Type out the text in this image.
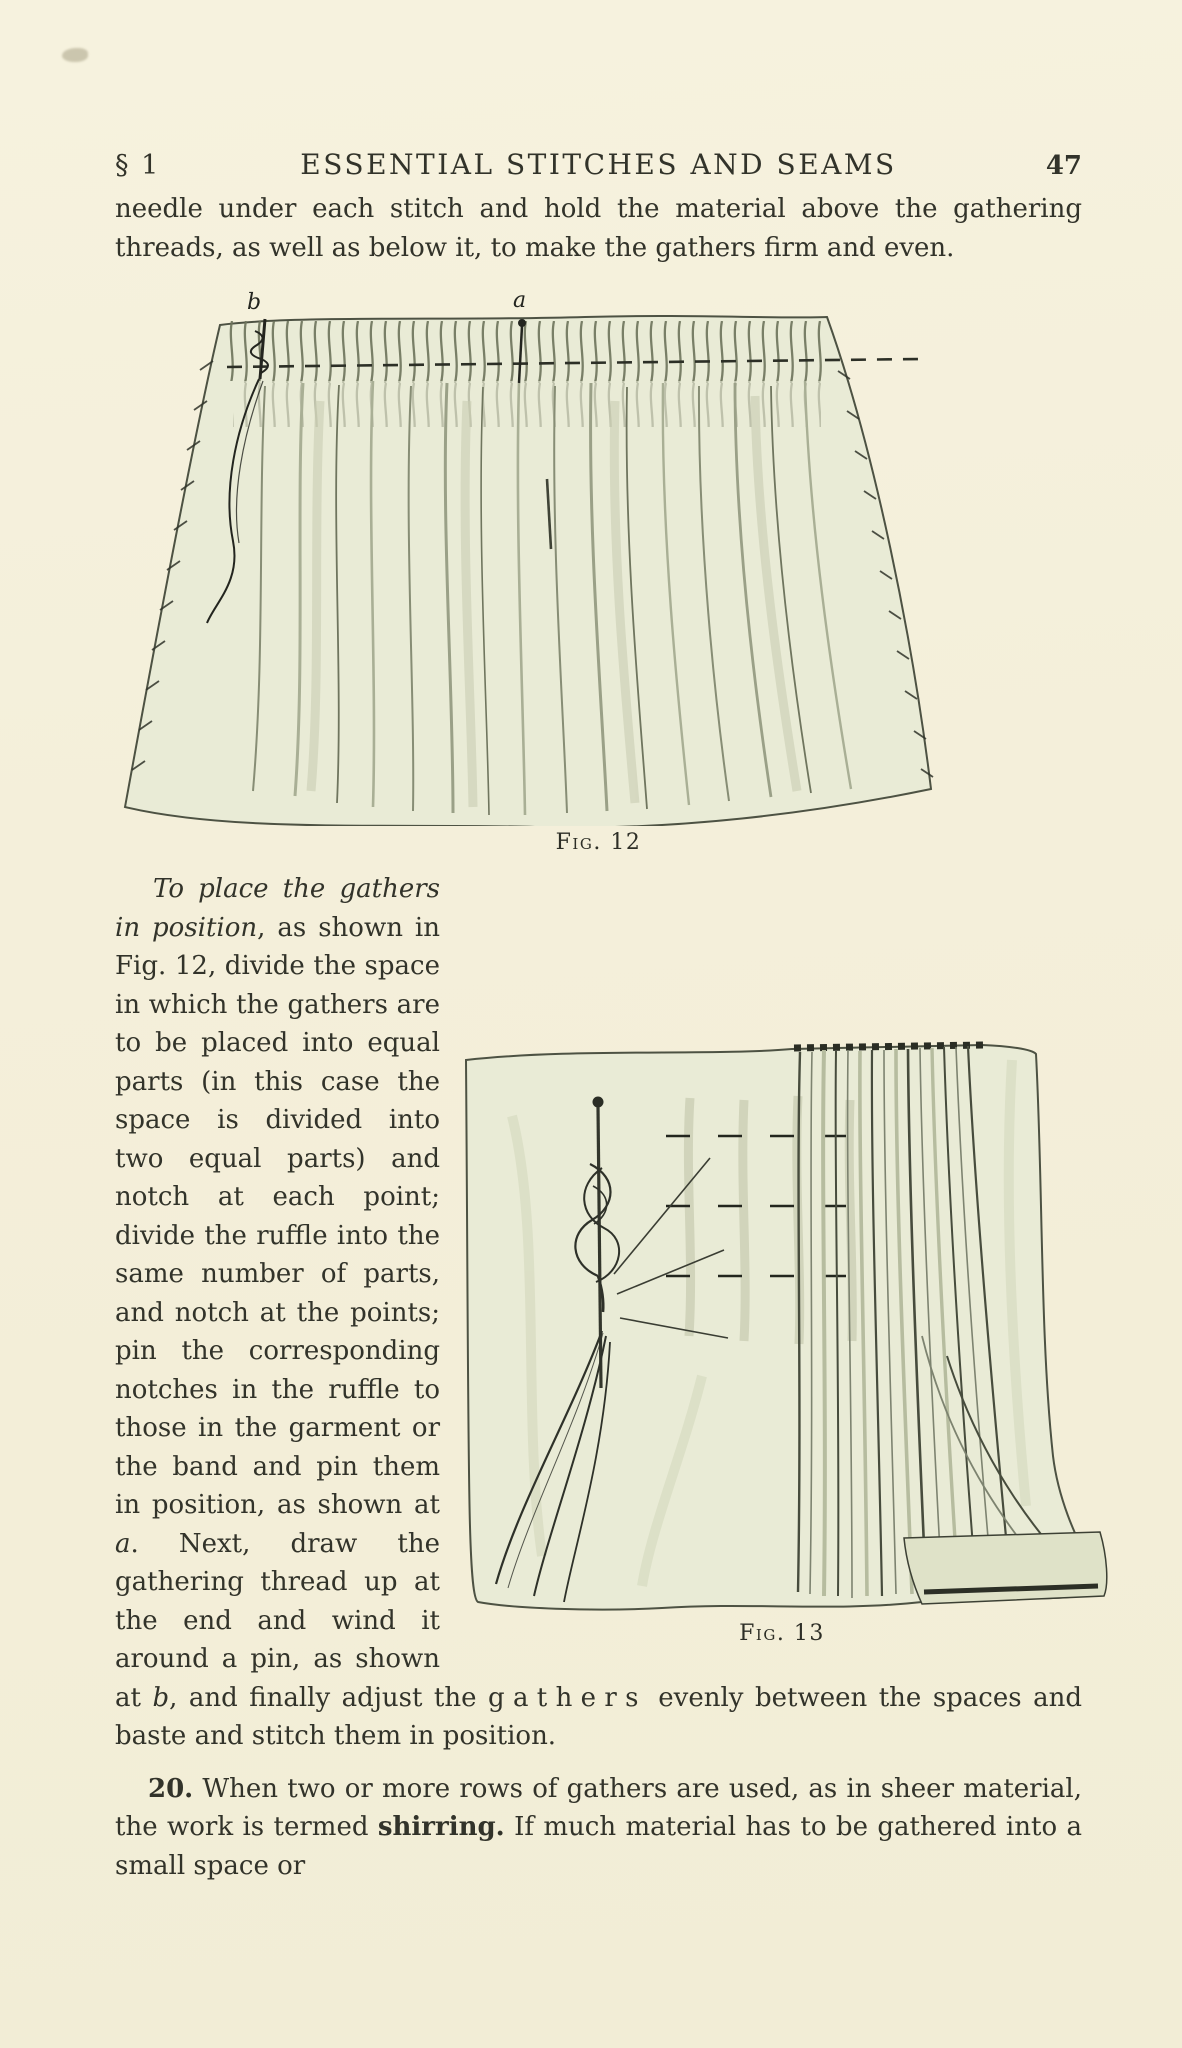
§ 1	ESSENTIAL STITCHES AND SEAMS	47

needle under each stitch and hold the material above the gathering threads, as well as below it, to make the gathers firm and even.

b	a
Fig. 12
Fig. 13

To place the gathers in position, as shown in Fig. 12, divide the space in which the gathers are to be placed into equal parts (in this case the space is divided into two equal parts) and notch at each point; divide the ruffle into the same number of parts, and notch at the points; pin the corresponding notches in the ruffle to those in the garment or the band and pin them in position, as shown at a. Next, draw the gathering thread up at the end and wind it around a pin, as shown at b, and finally adjust the gathers evenly between the spaces and baste and stitch them in position.

20. When two or more rows of gathers are used, as in sheer material, the work is termed shirring. If much material has to be gathered into a small space or
